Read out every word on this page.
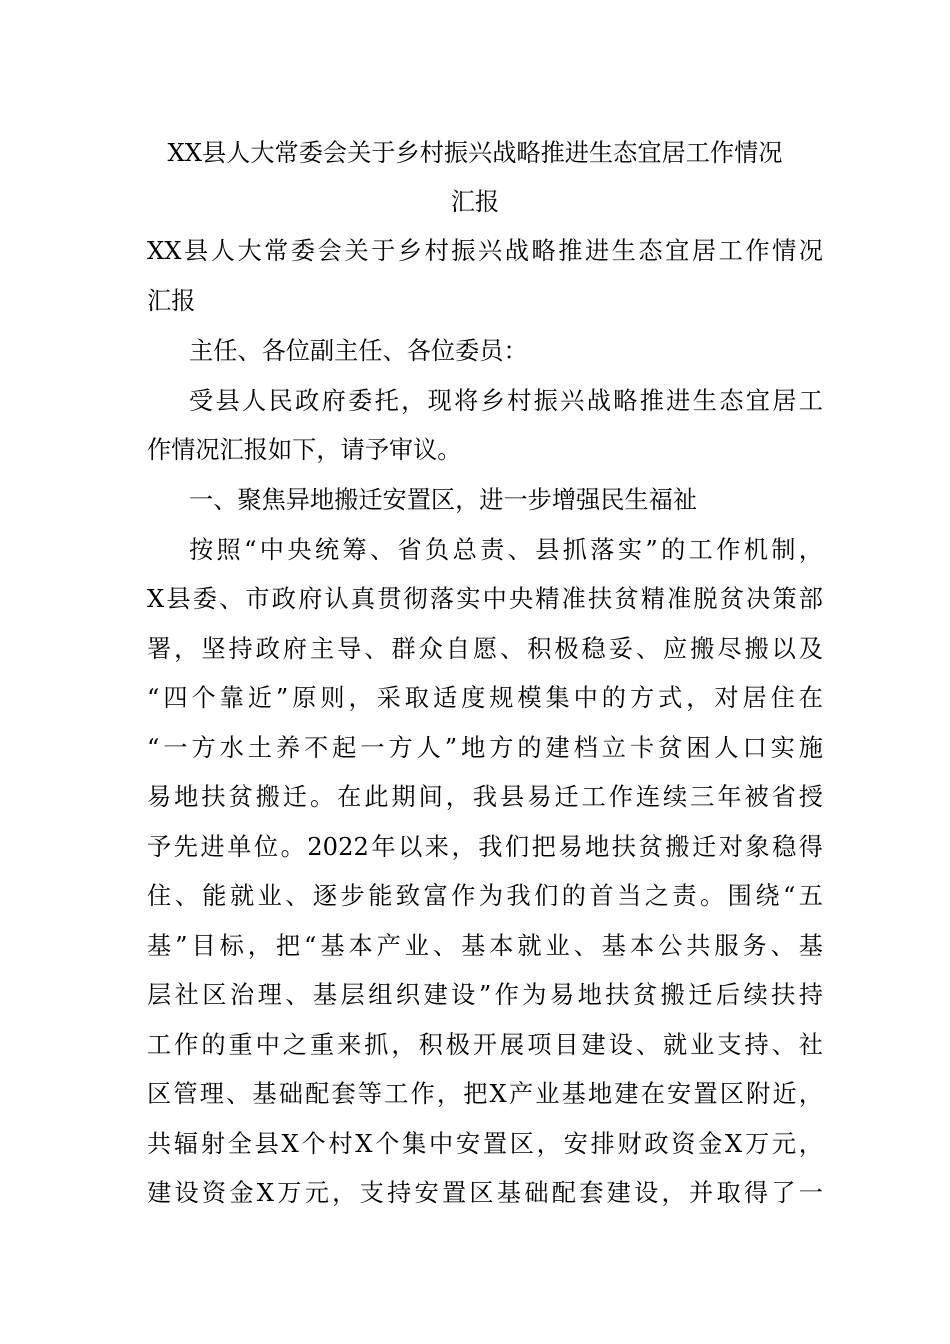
XX县人大常委会关于乡村振兴战略推进生态宜居工作情况
汇报
XX县人大常委会关于乡村振兴战略推进生态宜居工作情况
汇报
主任、各位副主任、各位委员：
受县人民政府委托，现将乡村振兴战略推进生态宜居工
作情况汇报如下，请予审议。
一、聚焦异地搬迁安置区，进一步增强民生福祉
按照“中央统筹、省负总责、县抓落实”的工作机制，
X县委、市政府认真贯彻落实中央精准扶贫精准脱贫决策部
署，坚持政府主导、群众自愿、积极稳妥、应搬尽搬以及
“四个靠近”原则，采取适度规模集中的方式，对居住在
“一方水土养不起一方人”地方的建档立卡贫困人口实施
易地扶贫搬迁。在此期间，我县易迁工作连续三年被省授
予先进单位。2022年以来，我们把易地扶贫搬迁对象稳得
住、能就业、逐步能致富作为我们的首当之责。围绕“五
基”目标，把“基本产业、基本就业、基本公共服务、基
层社区治理、基层组织建设”作为易地扶贫搬迁后续扶持
工作的重中之重来抓，积极开展项目建设、就业支持、社
区管理、基础配套等工作，把X产业基地建在安置区附近，
共辐射全县X个村X个集中安置区，安排财政资金X万元，
建设资金X万元，支持安置区基础配套建设，并取得了一
